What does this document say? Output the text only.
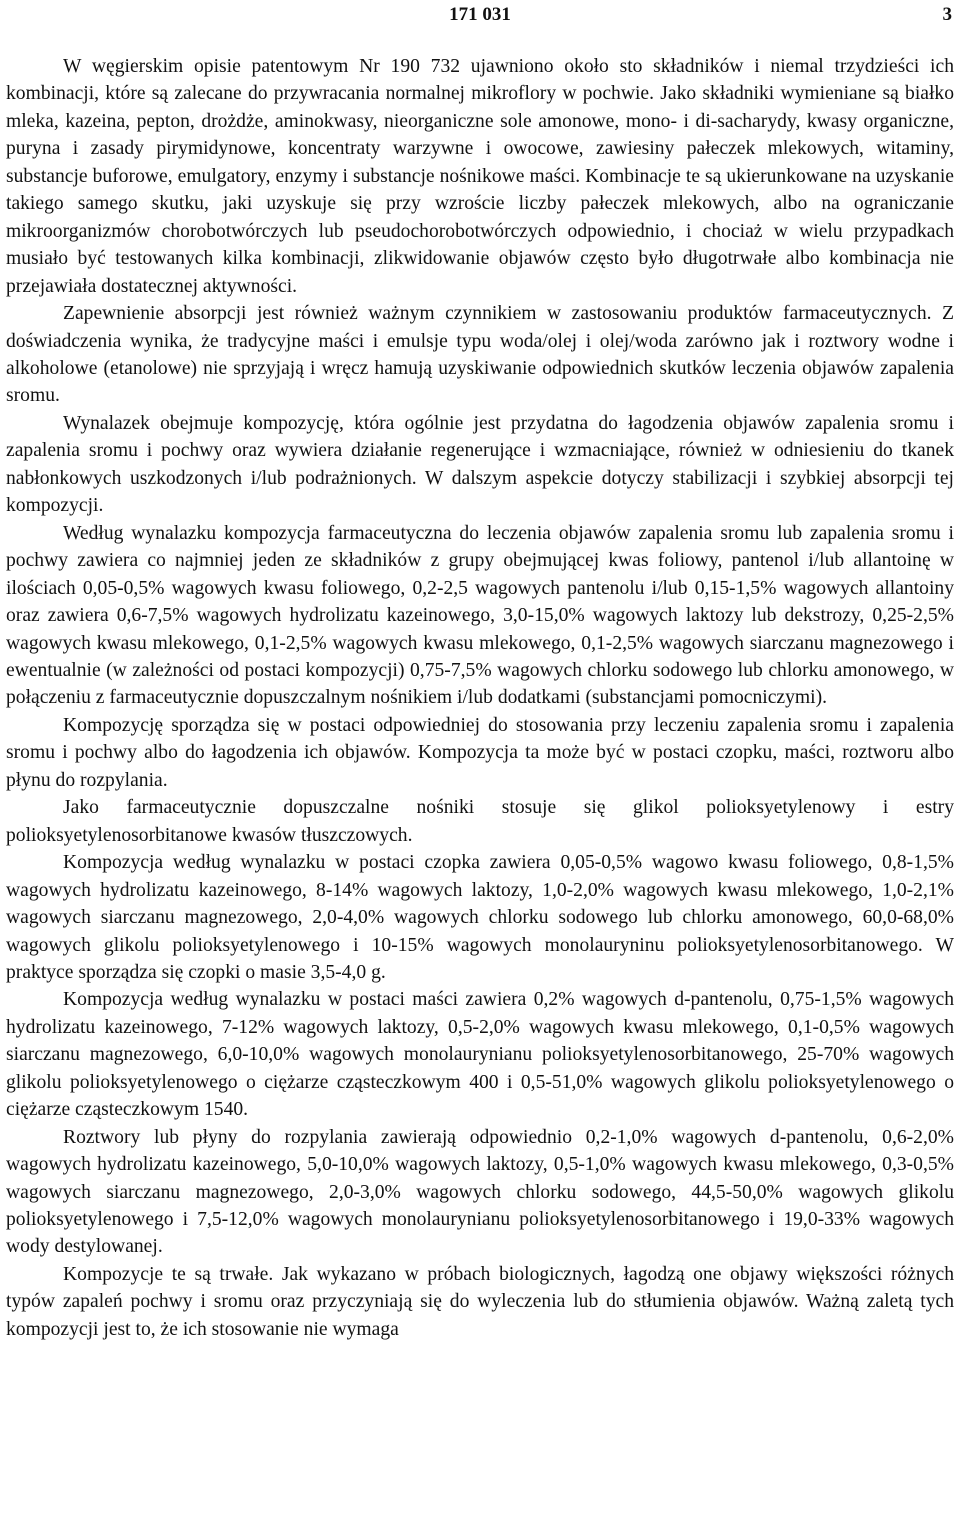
171 031	3

W węgierskim opisie patentowym Nr 190 732 ujawniono około sto składników i niemal trzydzieści ich kombinacji, które są zalecane do przywracania normalnej mikroflory w pochwie. Jako składniki wymieniane są białko mleka, kazeina, pepton, drożdże, aminokwasy, nieorganiczne sole amonowe, mono- i di-sacharydy, kwasy organiczne, puryna i zasady pirymidynowe, koncentraty warzywne i owocowe, zawiesiny pałeczek mlekowych, witaminy, substancje buforowe, emulgatory, enzymy i substancje nośnikowe maści. Kombinacje te są ukierunkowane na uzyskanie takiego samego skutku, jaki uzyskuje się przy wzroście liczby pałeczek mlekowych, albo na ograniczanie mikroorganizmów chorobotwórczych lub pseudochorobotwórczych odpowiednio, i chociaż w wielu przypadkach musiało być testowanych kilka kombinacji, zlikwidowanie objawów często było długotrwałe albo kombinacja nie przejawiała dostatecznej aktywności.

Zapewnienie absorpcji jest również ważnym czynnikiem w zastosowaniu produktów farmaceutycznych. Z doświadczenia wynika, że tradycyjne maści i emulsje typu woda/olej i olej/woda zarówno jak i roztwory wodne i alkoholowe (etanolowe) nie sprzyjają i wręcz hamują uzyskiwanie odpowiednich skutków leczenia objawów zapalenia sromu.

Wynalazek obejmuje kompozycję, która ogólnie jest przydatna do łagodzenia objawów zapalenia sromu i zapalenia sromu i pochwy oraz wywiera działanie regenerujące i wzmacniające, również w odniesieniu do tkanek nabłonkowych uszkodzonych i/lub podrażnionych. W dalszym aspekcie dotyczy stabilizacji i szybkiej absorpcji tej kompozycji.

Według wynalazku kompozycja farmaceutyczna do leczenia objawów zapalenia sromu lub zapalenia sromu i pochwy zawiera co najmniej jeden ze składników z grupy obejmującej kwas foliowy, pantenol i/lub allantoinę w ilościach 0,05-0,5% wagowych kwasu foliowego, 0,2-2,5 wagowych pantenolu i/lub 0,15-1,5% wagowych allantoiny oraz zawiera 0,6-7,5% wagowych hydrolizatu kazeinowego, 3,0-15,0% wagowych laktozy lub dekstrozy, 0,25-2,5% wagowych kwasu mlekowego, 0,1-2,5% wagowych kwasu mlekowego, 0,1-2,5% wagowych siarczanu magnezowego i ewentualnie (w zależności od postaci kompozycji) 0,75-7,5% wagowych chlorku sodowego lub chlorku amonowego, w połączeniu z farmaceutycznie dopuszczalnym nośnikiem i/lub dodatkami (substancjami pomocniczymi).

Kompozycję sporządza się w postaci odpowiedniej do stosowania przy leczeniu zapalenia sromu i zapalenia sromu i pochwy albo do łagodzenia ich objawów. Kompozycja ta może być w postaci czopku, maści, roztworu albo płynu do rozpylania.

Jako farmaceutycznie dopuszczalne nośniki stosuje się glikol polioksyetylenowy i estry polioksyetylenosorbitanowe kwasów tłuszczowych.

Kompozycja według wynalazku w postaci czopka zawiera 0,05-0,5% wagowo kwasu foliowego, 0,8-1,5% wagowych hydrolizatu kazeinowego, 8-14% wagowych laktozy, 1,0-2,0% wagowych kwasu mlekowego, 1,0-2,1% wagowych siarczanu magnezowego, 2,0-4,0% wagowych chlorku sodowego lub chlorku amonowego, 60,0-68,0% wagowych glikolu polioksyetylenowego i 10-15% wagowych monolauryninu polioksyetylenosorbitanowego. W praktyce sporządza się czopki o masie 3,5-4,0 g.

Kompozycja według wynalazku w postaci maści zawiera 0,2% wagowych d-pantenolu, 0,75-1,5% wagowych hydrolizatu kazeinowego, 7-12% wagowych laktozy, 0,5-2,0% wagowych kwasu mlekowego, 0,1-0,5% wagowych siarczanu magnezowego, 6,0-10,0% wagowych monolaurynianu polioksyetylenosorbitanowego, 25-70% wagowych glikolu polioksyetylenowego o ciężarze cząsteczkowym 400 i 0,5-51,0% wagowych glikolu polioksyetylenowego o ciężarze cząsteczkowym 1540.

Roztwory lub płyny do rozpylania zawierają odpowiednio 0,2-1,0% wagowych d-pantenolu, 0,6-2,0% wagowych hydrolizatu kazeinowego, 5,0-10,0% wagowych laktozy, 0,5-1,0% wagowych kwasu mlekowego, 0,3-0,5% wagowych siarczanu magnezowego, 2,0-3,0% wagowych chlorku sodowego, 44,5-50,0% wagowych glikolu polioksyetylenowego i 7,5-12,0% wagowych monolaurynianu polioksyetylenosorbitanowego i 19,0-33% wagowych wody destylowanej.

Kompozycje te są trwałe. Jak wykazano w próbach biologicznych, łagodzą one objawy większości różnych typów zapaleń pochwy i sromu oraz przyczyniają się do wyleczenia lub do stłumienia objawów. Ważną zaletą tych kompozycji jest to, że ich stosowanie nie wymaga
